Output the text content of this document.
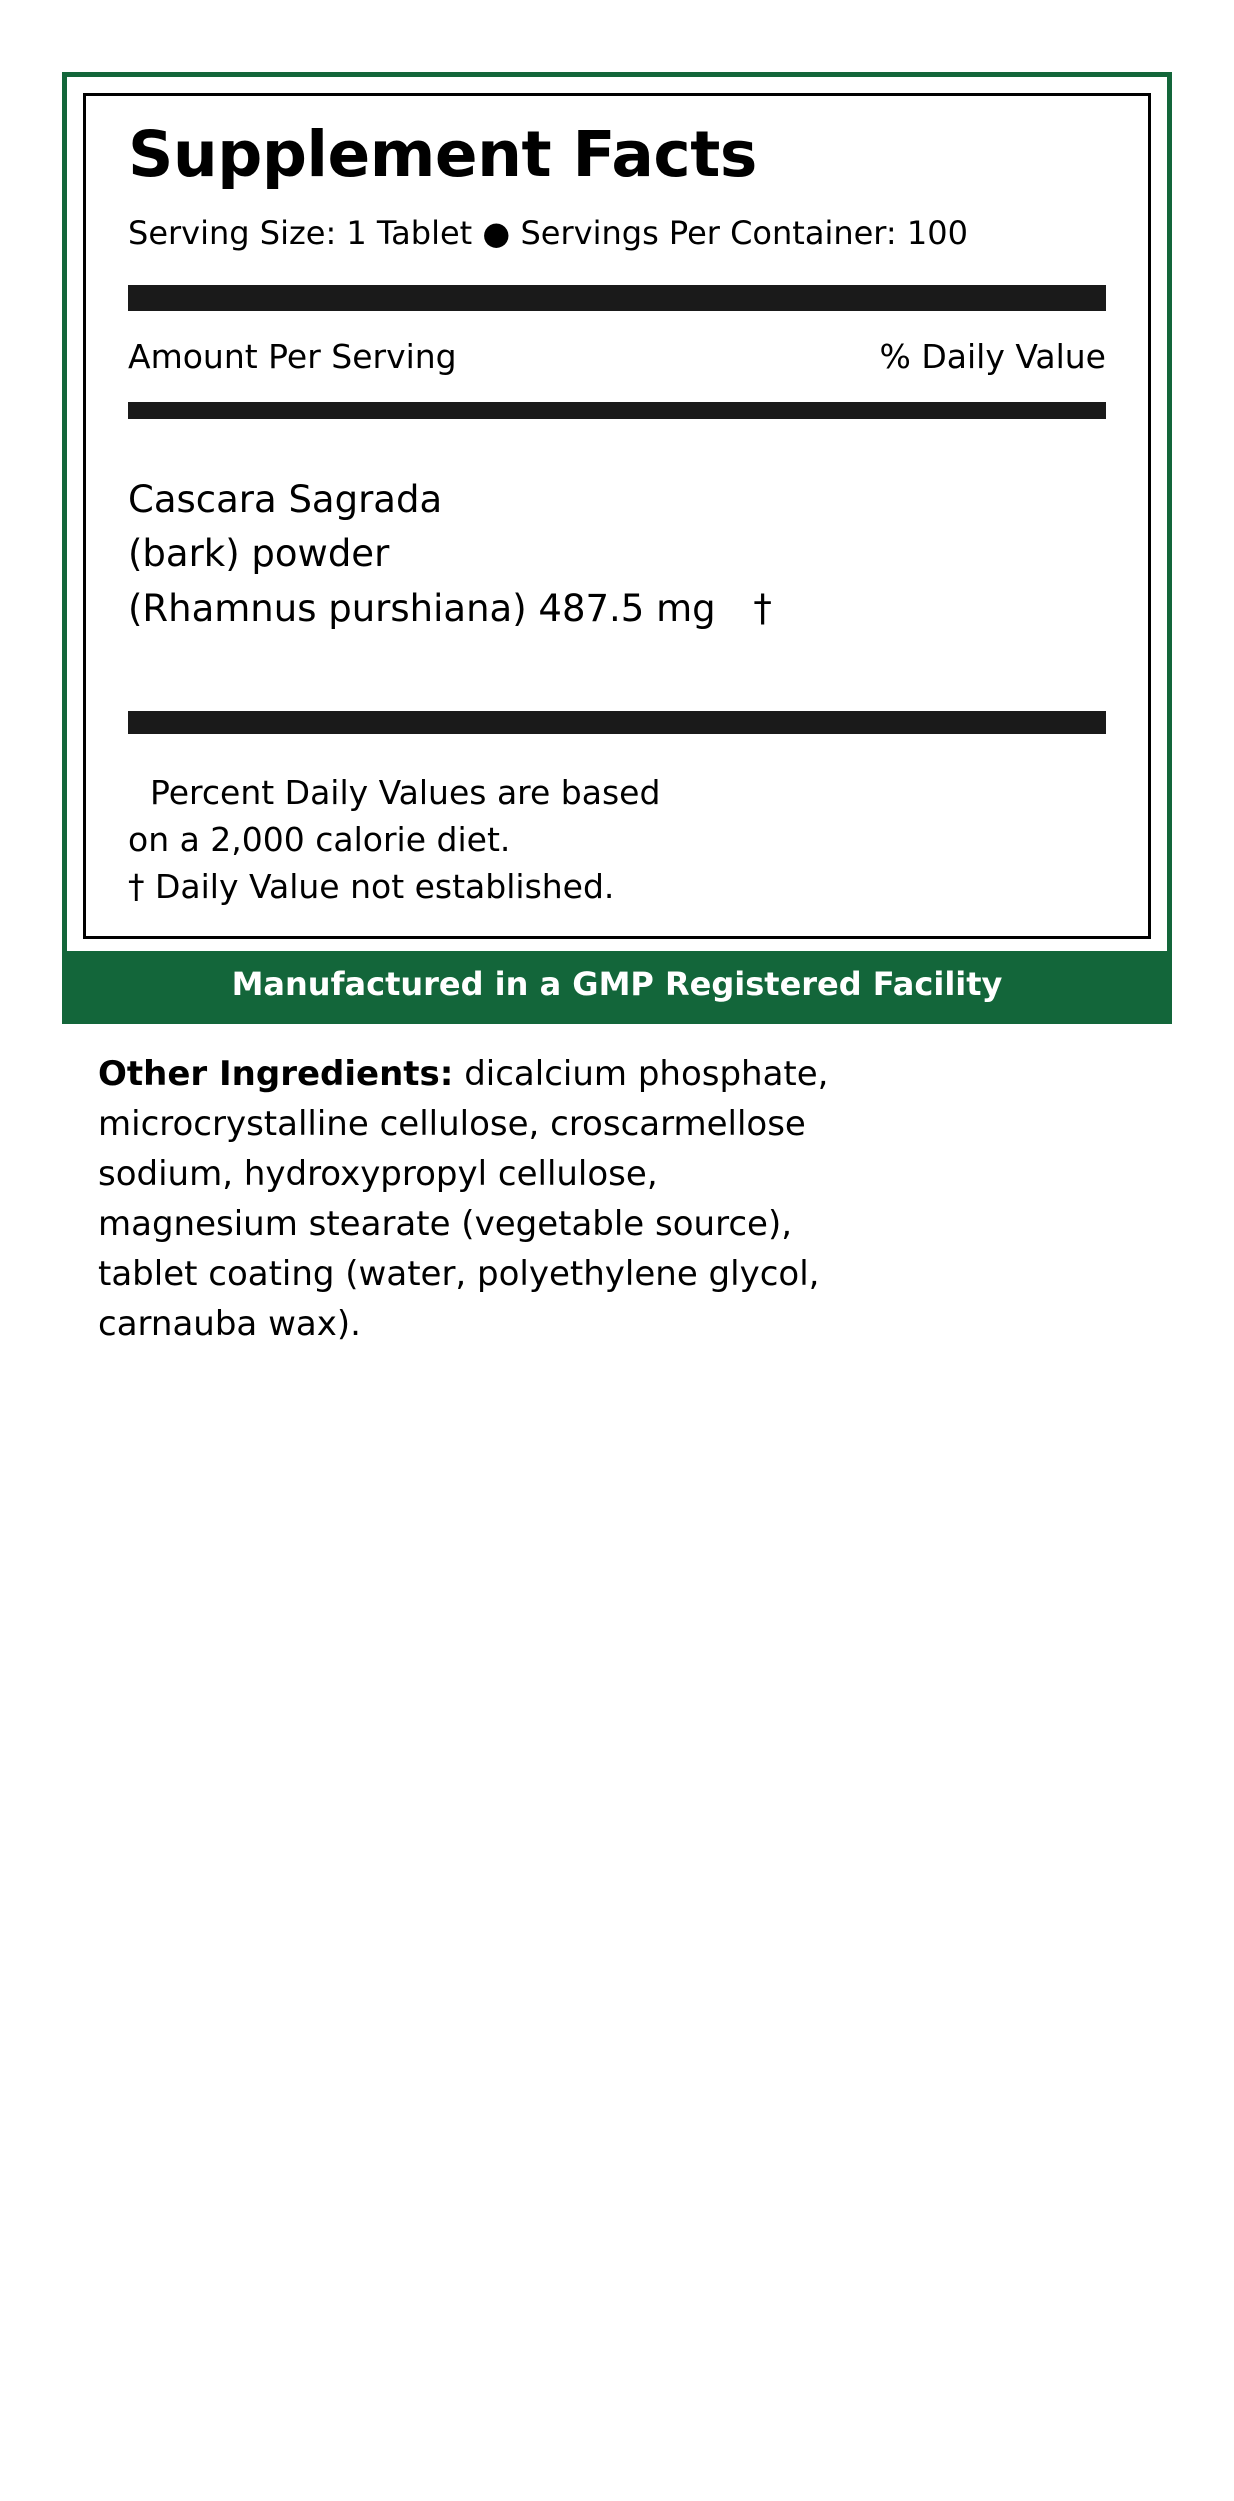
Supplement Facts
Serving Size: 1 Tablet ● Servings Per Container: 100
Amount Per Serving	% Daily Value
Cascara Sagrada
(bark) powder
(Rhamnus purshiana) 487.5 mg †
Percent Daily Values are based
on a 2,000 calorie diet.
† Daily Value not established.
Manufactured in a GMP Registered Facility
Other Ingredients: dicalcium phosphate,
microcrystalline cellulose, croscarmellose
sodium, hydroxypropyl cellulose,
magnesium stearate (vegetable source),
tablet coating (water, polyethylene glycol,
carnauba wax).
